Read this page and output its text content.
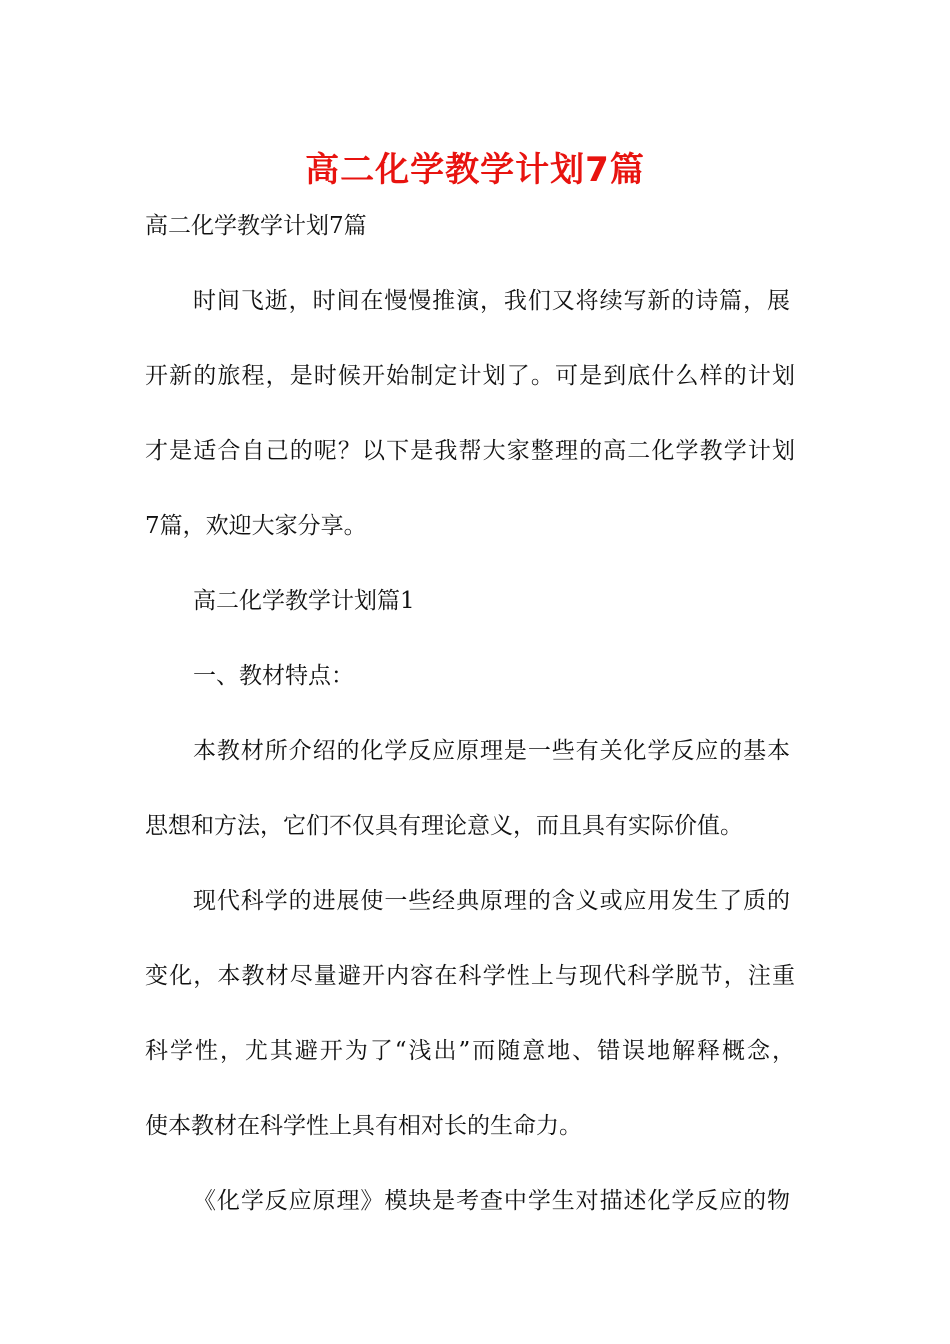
高二化学教学计划7篇
高二化学教学计划7篇
时间飞逝，时间在慢慢推演，我们又将续写新的诗篇，展
开新的旅程，是时候开始制定计划了。可是到底什么样的计划
才是适合自己的呢？以下是我帮大家整理的高二化学教学计划
7篇，欢迎大家分享。
高二化学教学计划篇1
一、教材特点：
本教材所介绍的化学反应原理是一些有关化学反应的基本
思想和方法，它们不仅具有理论意义，而且具有实际价值。
现代科学的进展使一些经典原理的含义或应用发生了质的
变化，本教材尽量避开内容在科学性上与现代科学脱节，注重
科学性，尤其避开为了“浅出”而随意地、错误地解释概念，
使本教材在科学性上具有相对长的生命力。
《化学反应原理》模块是考查中学生对描述化学反应的物
